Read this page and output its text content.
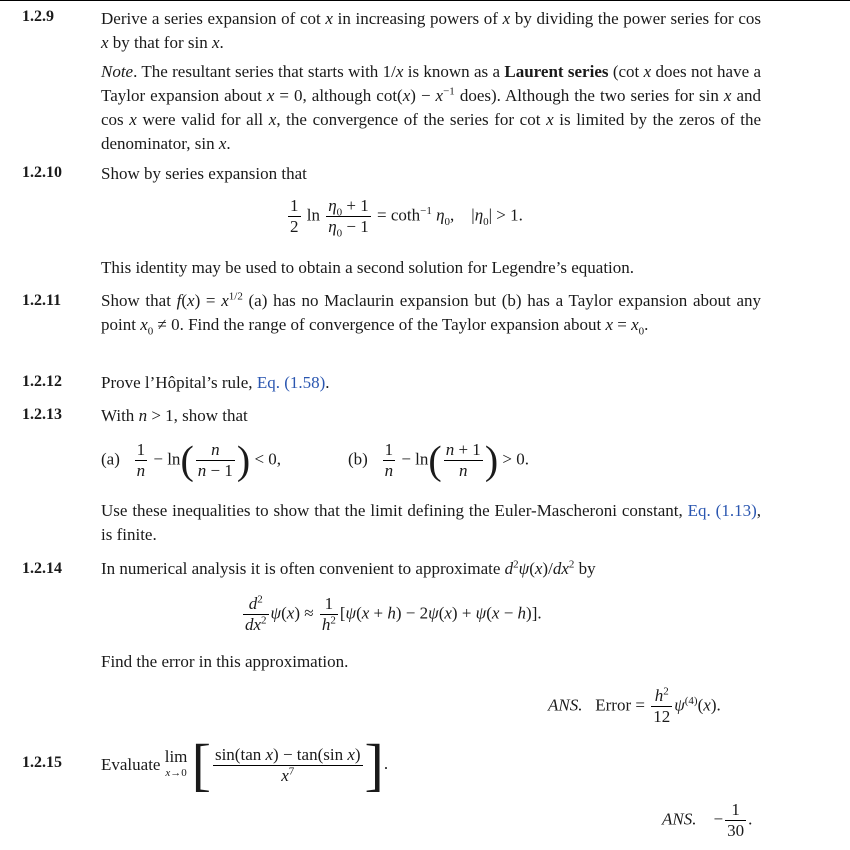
1.2.9	Derive a series expansion of cot x in increasing powers of x by dividing the power series for cos x by that for sin x.
Note. The resultant series that starts with 1/x is known as a Laurent series (cot x does not have a Taylor expansion about x = 0, although $\cot(x) - x^{-1}$ does). Although the two series for sin x and cos x were valid for all x, the convergence of the series for cot x is limited by the zeros of the denominator, sin x.
1.2.10 Show by series expansion that
$\frac{1}{2}$ $\ln \frac{\eta_0 + 1}{\eta_0 - 1} = \cot h^{-1}$ $\eta_0$,    $|\eta_0| > 1$.
This identity may be used to obtain a second solution for Legendre’s equation.
1.2.11 Show that $f(x) = x^{1/2}$ (a) has no Maclaurin expansion but (b) has a Taylor expansion about any point $x_0 \ne 0$. Find the range of convergence of the Taylor expansion about $x = x_0$.
1.2.12 Prove l’Hôpital’s rule, Eq. (1.58).
1.2.13 With n > 1, show that
$(a) \frac{1}{n} - \ln( \frac{n}{n - 1}$ ) < 0,	$(b) \frac{1}{n} - \ln( \frac{n + 1}{n}$ ) > 0.
Use these inequalities to show that the limit defining the Euler-Mascheroni constant, Eq. (1.13), is finite.
1.2.14 In numerical analysis it is often convenient to approximate $d^2\psi(x)/dx^2$ by
$\frac{d^2}{dx^2} \psi(x) \approx \frac{1}{h^2} [\psi(x + h) - 2\psi(x) + \psi(x - h)]$.
Find the error in this approximation.
ANS. Error = $\frac{h^2}{12} \psi^{(4)}(x)$.
1.2.15 Evaluate lim
x→0 [ $\frac{\text{sin(tan x) − tan(sin x)}}{x^7}$ ].
ANS.    − $\frac{1}{30}$ .
